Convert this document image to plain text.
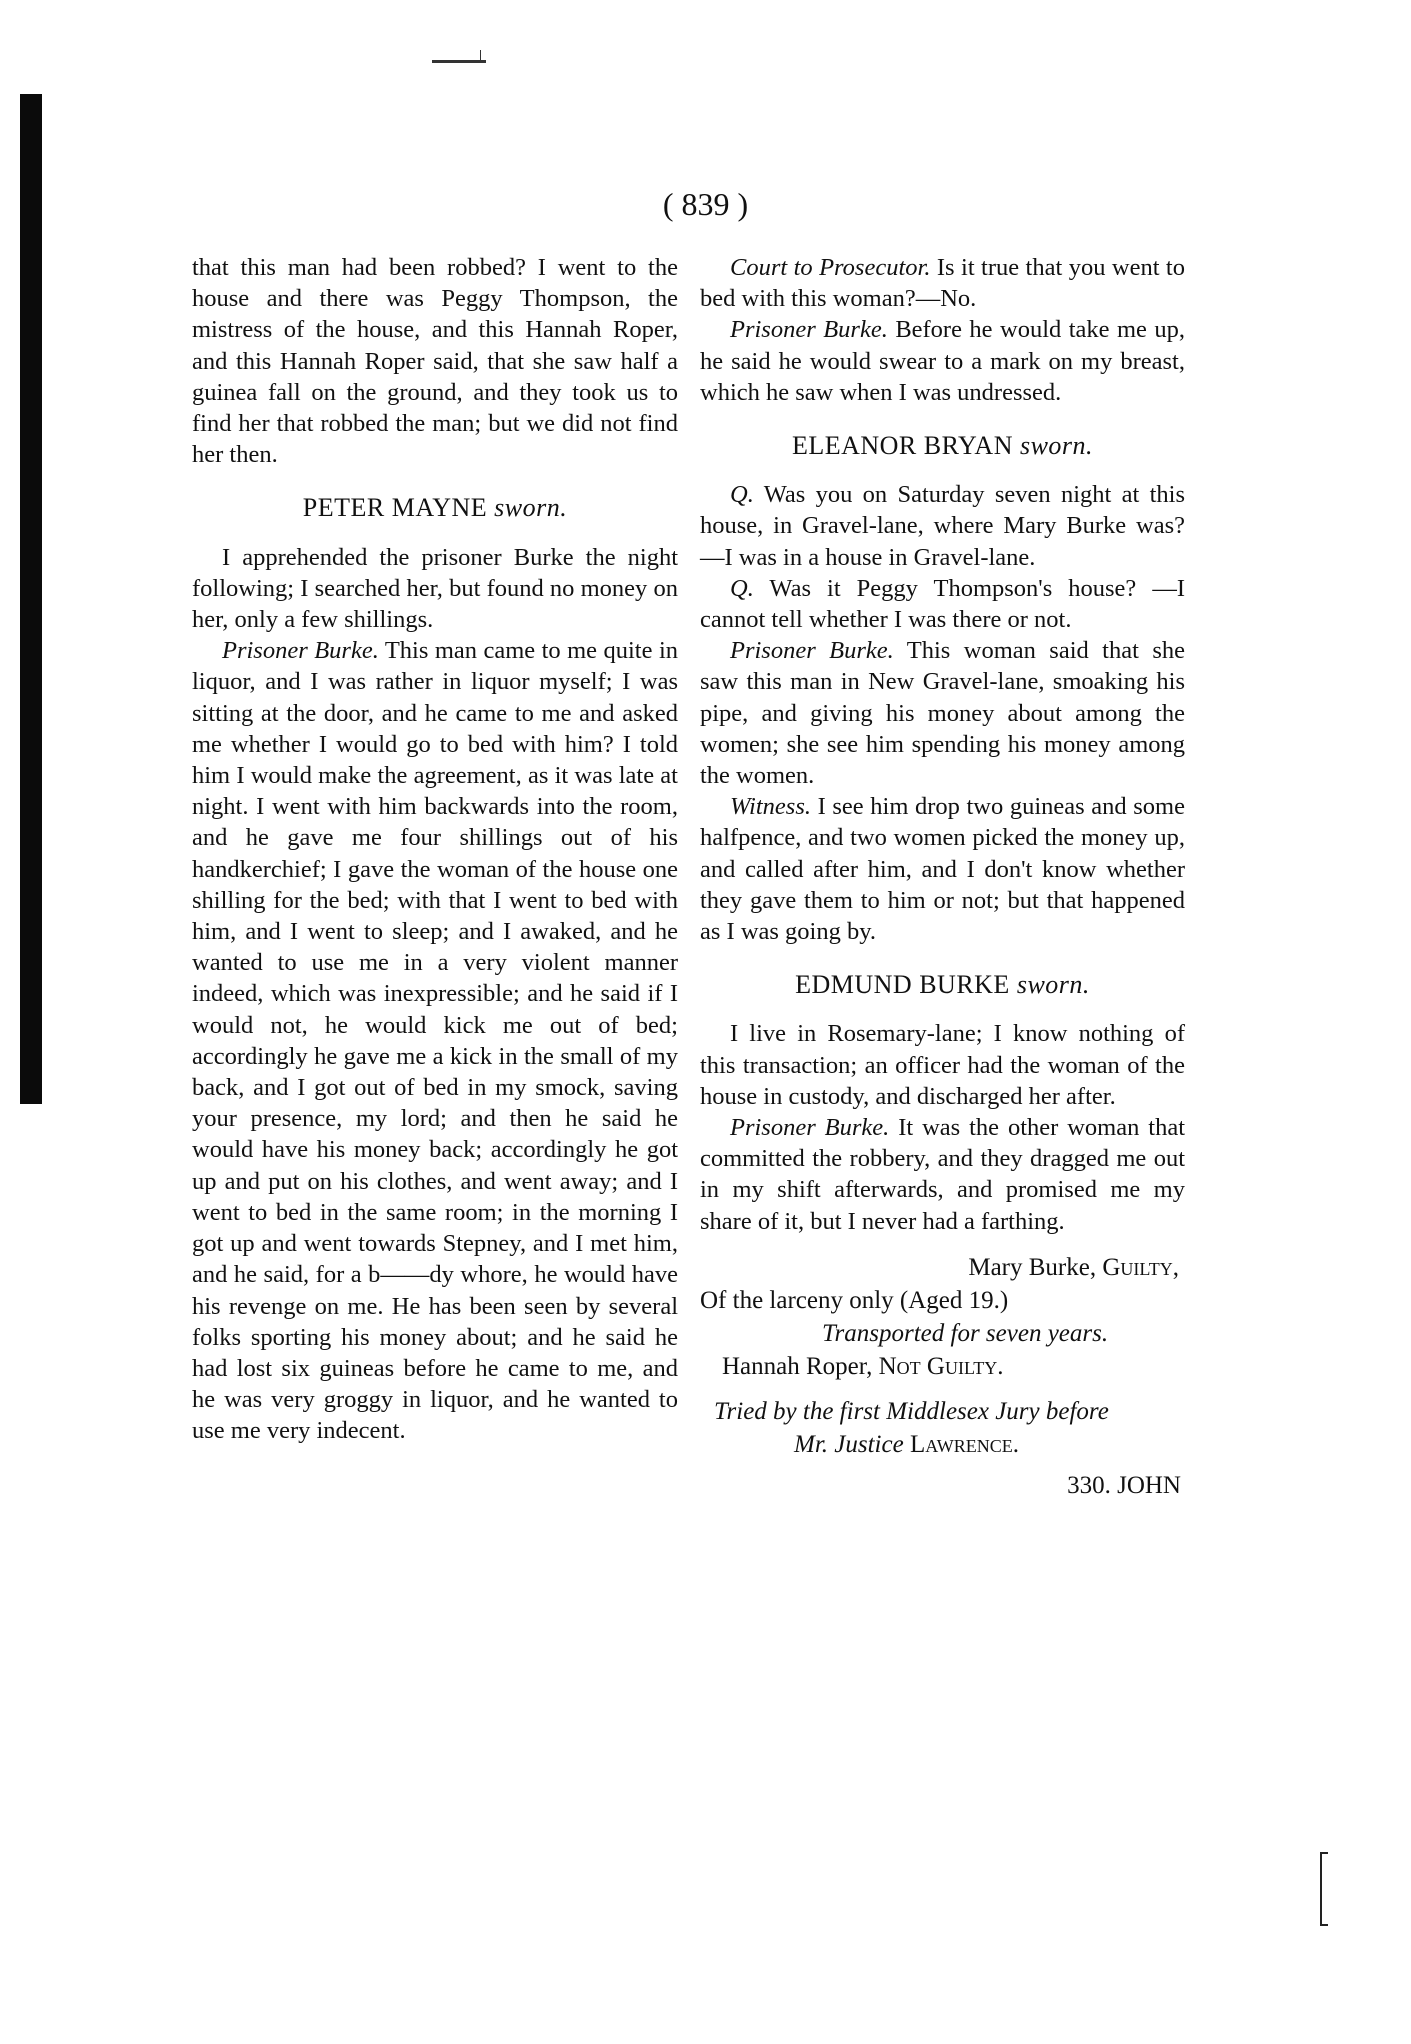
( 839 )

that this man had been robbed? I went to the house and there was Peggy Thompson, the mistress of the house, and this Hannah Roper, and this Hannah Roper said, that she saw half a guinea fall on the ground, and they took us to find her that robbed the man; but we did not find her then.

PETER MAYNE sworn.

I apprehended the prisoner Burke the night following; I searched her, but found no money on her, only a few shillings.

Prisoner Burke. This man came to me quite in liquor, and I was rather in liquor myself; I was sitting at the door, and he came to me and asked me whether I would go to bed with him? I told him I would make the agreement, as it was late at night. I went with him backwards into the room, and he gave me four shillings out of his handkerchief; I gave the woman of the house one shilling for the bed; with that I went to bed with him, and I went to sleep; and I awaked, and he wanted to use me in a very violent manner indeed, which was inexpressible; and he said if I would not, he would kick me out of bed; accordingly he gave me a kick in the small of my back, and I got out of bed in my smock, saving your presence, my lord; and then he said he would have his money back; accordingly he got up and put on his clothes, and went away; and I went to bed in the same room; in the morning I got up and went towards Stepney, and I met him, and he said, for a b——dy whore, he would have his revenge on me. He has been seen by several folks sporting his money about; and he said he had lost six guineas before he came to me, and he was very groggy in liquor, and he wanted to use me very indecent.

Court to Prosecutor. Is it true that you went to bed with this woman?—No.

Prisoner Burke. Before he would take me up, he said he would swear to a mark on my breast, which he saw when I was undressed.

ELEANOR BRYAN sworn.

Q. Was you on Saturday seven night at this house, in Gravel-lane, where Mary Burke was?—I was in a house in Gravel-lane.

Q. Was it Peggy Thompson's house? —I cannot tell whether I was there or not.

Prisoner Burke. This woman said that she saw this man in New Gravel-lane, smoaking his pipe, and giving his money about among the women; she see him spending his money among the women.

Witness. I see him drop two guineas and some halfpence, and two women picked the money up, and called after him, and I don't know whether they gave them to him or not; but that happened as I was going by.

EDMUND BURKE sworn.

I live in Rosemary-lane; I know nothing of this transaction; an officer had the woman of the house in custody, and discharged her after.

Prisoner Burke. It was the other woman that committed the robbery, and they dragged me out in my shift afterwards, and promised me my share of it, but I never had a farthing.

Mary Burke, Guilty,
Of the larceny only (Aged 19.)
Transported for seven years.
Hannah Roper, Not Guilty.
Tried by the first Middlesex Jury before
Mr. Justice Lawrence.
330. JOHN
